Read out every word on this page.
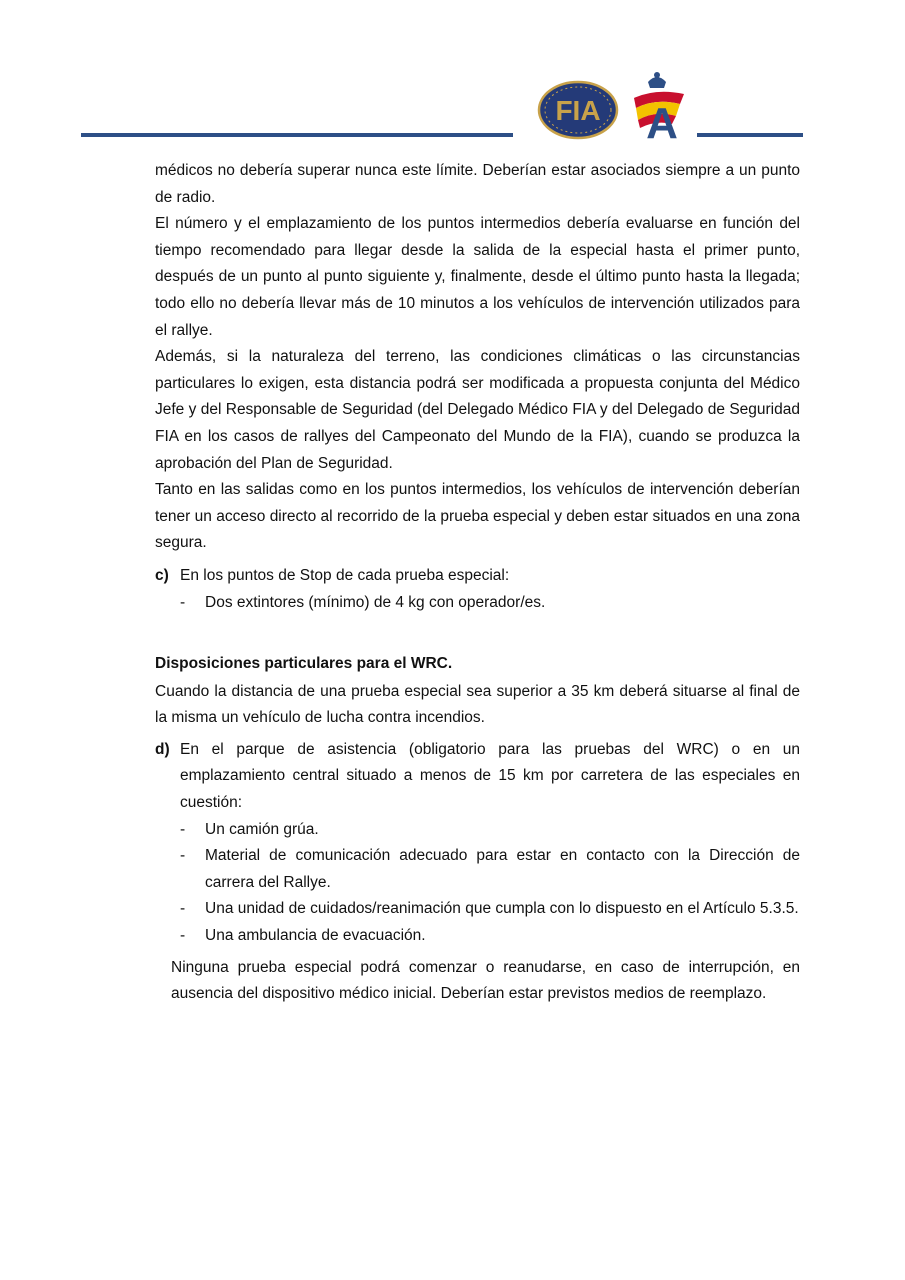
FIA A

médicos no debería superar nunca este límite. Deberían estar asociados siempre a un punto de radio.

El número y el emplazamiento de los puntos intermedios debería evaluarse en función del tiempo recomendado para llegar desde la salida de la especial hasta el primer punto, después de un punto al punto siguiente y, finalmente, desde el último punto hasta la llegada; todo ello no debería llevar más de 10 minutos a los vehículos de intervención utilizados para el rallye.

Además, si la naturaleza del terreno, las condiciones climáticas o las circunstancias particulares lo exigen, esta distancia podrá ser modificada a propuesta conjunta del Médico Jefe y del Responsable de Seguridad (del Delegado Médico FIA y del Delegado de Seguridad FIA en los casos de rallyes del Campeonato del Mundo de la FIA), cuando se produzca la aprobación del Plan de Seguridad.

Tanto en las salidas como en los puntos intermedios, los vehículos de intervención deberían tener un acceso directo al recorrido de la prueba especial y deben estar situados en una zona segura.

c) En los puntos de Stop de cada prueba especial:
- Dos extintores (mínimo) de 4 kg con operador/es.
Disposiciones particulares para el WRC.

Cuando la distancia de una prueba especial sea superior a 35 km deberá situarse al final de la misma un vehículo de lucha contra incendios.

d) En el parque de asistencia (obligatorio para las pruebas del WRC) o en un emplazamiento central situado a menos de 15 km por carretera de las especiales en cuestión:
- Un camión grúa.
- Material de comunicación adecuado para estar en contacto con la Dirección de carrera del Rallye.
- Una unidad de cuidados/reanimación que cumpla con lo dispuesto en el Artículo 5.3.5.
- Una ambulancia de evacuación.

Ninguna prueba especial podrá comenzar o reanudarse, en caso de interrupción, en ausencia del dispositivo médico inicial. Deberían estar previstos medios de reemplazo.
